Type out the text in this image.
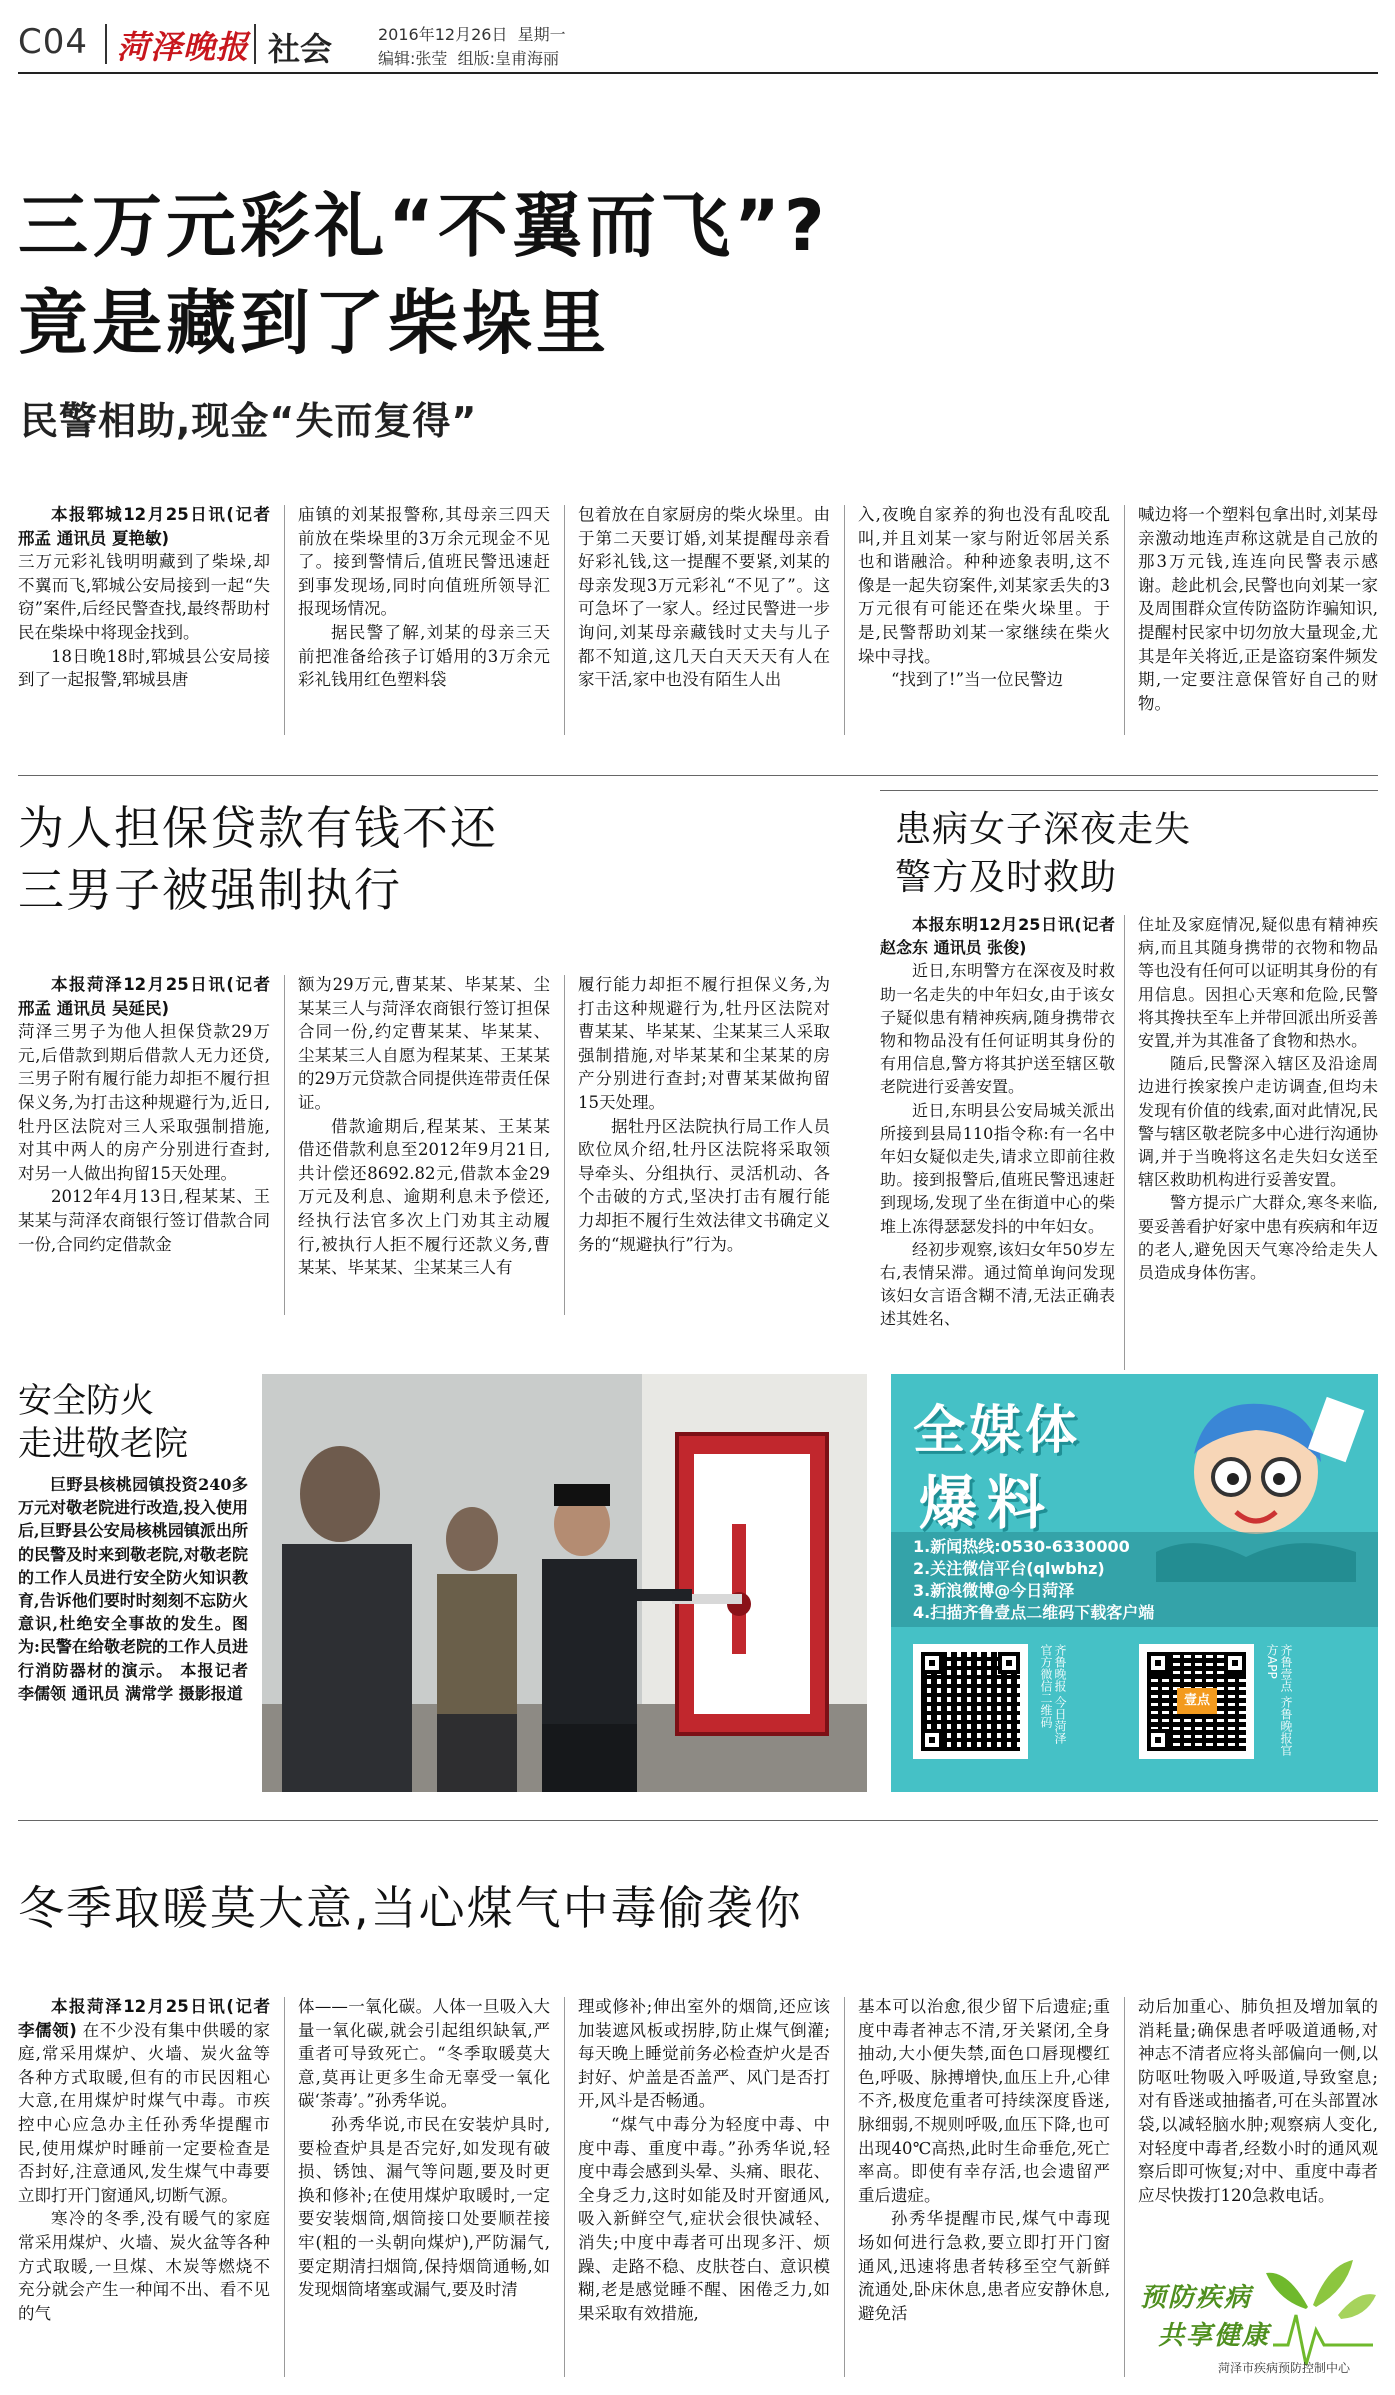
C04 菏泽晚报 社会	2016年12月26日 星期一
编辑:张莹 组版:皇甫海丽
三万元彩礼“不翼而飞”?
竟是藏到了柴垛里
民警相助,现金“失而复得”

本报郓城12月25日讯(记者 邢孟 通讯员 夏艳敏)

三万元彩礼钱明明藏到了柴垛,却不翼而飞,郓城公安局接到一起“失窃”案件,后经民警查找,最终帮助村民在柴垛中将现金找到。

18日晚18时,郓城县公安局接到了一起报警,郓城县唐

庙镇的刘某报警称,其母亲三四天前放在柴垛里的3万余元现金不见了。接到警情后,值班民警迅速赶到事发现场,同时向值班所领导汇报现场情况。

据民警了解,刘某的母亲三天前把准备给孩子订婚用的3万余元彩礼钱用红色塑料袋

包着放在自家厨房的柴火垛里。由于第二天要订婚,刘某提醒母亲看好彩礼钱,这一提醒不要紧,刘某的母亲发现3万元彩礼“不见了”。这可急坏了一家人。经过民警进一步询问,刘某母亲藏钱时丈夫与儿子都不知道,这几天白天天天有人在家干活,家中也没有陌生人出

入,夜晚自家养的狗也没有乱咬乱叫,并且刘某一家与附近邻居关系也和谐融洽。种种迹象表明,这不像是一起失窃案件,刘某家丢失的3万元很有可能还在柴火垛里。于是,民警帮助刘某一家继续在柴火垛中寻找。

“找到了!”当一位民警边

喊边将一个塑料包拿出时,刘某母亲激动地连声称这就是自己放的那3万元钱,连连向民警表示感谢。趁此机会,民警也向刘某一家及周围群众宣传防盗防诈骗知识,提醒村民家中切勿放大量现金,尤其是年关将近,正是盗窃案件频发期,一定要注意保管好自己的财物。

为人担保贷款有钱不还
三男子被强制执行

本报菏泽12月25日讯(记者 邢孟 通讯员 吴延民)

菏泽三男子为他人担保贷款29万元,后借款到期后借款人无力还贷,三男子附有履行能力却拒不履行担保义务,为打击这种规避行为,近日,牡丹区法院对三人采取强制措施,对其中两人的房产分别进行查封,对另一人做出拘留15天处理。

2012年4月13日,程某某、王某某与菏泽农商银行签订借款合同一份,合同约定借款金

额为29万元,曹某某、毕某某、尘某某三人与菏泽农商银行签订担保合同一份,约定曹某某、毕某某、尘某某三人自愿为程某某、王某某的29万元贷款合同提供连带责任保证。

借款逾期后,程某某、王某某借还借款利息至2012年9月21日,共计偿还8692.82元,借款本金29万元及利息、逾期利息未予偿还,经执行法官多次上门劝其主动履行,被执行人拒不履行还款义务,曹某某、毕某某、尘某某三人有

履行能力却拒不履行担保义务,为打击这种规避行为,牡丹区法院对曹某某、毕某某、尘某某三人采取强制措施,对毕某某和尘某某的房产分别进行查封;对曹某某做拘留15天处理。

据牡丹区法院执行局工作人员欧位凤介绍,牡丹区法院将采取领导牵头、分组执行、灵活机动、各个击破的方式,坚决打击有履行能力却拒不履行生效法律文书确定义务的“规避执行”行为。

患病女子深夜走失
警方及时救助

本报东明12月25日讯(记者 赵念东 通讯员 张俊)

近日,东明警方在深夜及时救助一名走失的中年妇女,由于该女子疑似患有精神疾病,随身携带衣物和物品没有任何证明其身份的有用信息,警方将其护送至辖区敬老院进行妥善安置。

近日,东明县公安局城关派出所接到县局110指令称:有一名中年妇女疑似走失,请求立即前往救助。接到报警后,值班民警迅速赶到现场,发现了坐在街道中心的柴堆上冻得瑟瑟发抖的中年妇女。

经初步观察,该妇女年50岁左右,表情呆滞。通过简单询问发现该妇女言语含糊不清,无法正确表述其姓名、

住址及家庭情况,疑似患有精神疾病,而且其随身携带的衣物和物品等也没有任何可以证明其身份的有用信息。因担心天寒和危险,民警将其搀扶至车上并带回派出所妥善安置,并为其准备了食物和热水。

随后,民警深入辖区及沿途周边进行挨家挨户走访调查,但均未发现有价值的线索,面对此情况,民警与辖区敬老院多中心进行沟通协调,并于当晚将这名走失妇女送至辖区救助机构进行妥善安置。

警方提示广大群众,寒冬来临,要妥善看护好家中患有疾病和年迈的老人,避免因天气寒冷给走失人员造成身体伤害。

安全防火
走进敬老院

巨野县核桃园镇投资240多万元对敬老院进行改造,投入使用后,巨野县公安局核桃园镇派出所的民警及时来到敬老院,对敬老院的工作人员进行安全防火知识教育,告诉他们要时时刻刻不忘防火意识,杜绝安全事故的发生。图为:民警在给敬老院的工作人员进行消防器材的演示。 本报记者 李儒领 通讯员 满常学 摄影报道

全媒体
爆料
1.新闻热线:0530-6330000
2.关注微信平台(qlwbhz)
3.新浪微博@今日菏泽
4.扫描齐鲁壹点二维码下载客户端
齐鲁晚报 今日菏泽 官方微信二维码	壹点	齐鲁壹点 齐鲁晚报官方APP
冬季取暖莫大意,当心煤气中毒偷袭你

本报菏泽12月25日讯(记者 李儒领) 在不少没有集中供暖的家庭,常采用煤炉、火墙、炭火盆等各种方式取暖,但有的市民因粗心大意,在用煤炉时煤气中毒。市疾控中心应急办主任孙秀华提醒市民,使用煤炉时睡前一定要检查是否封好,注意通风,发生煤气中毒要立即打开门窗通风,切断气源。

寒冷的冬季,没有暖气的家庭常采用煤炉、火墙、炭火盆等各种方式取暖,一旦煤、木炭等燃烧不充分就会产生一种闻不出、看不见的气

体——一氧化碳。人体一旦吸入大量一氧化碳,就会引起组织缺氧,严重者可导致死亡。“冬季取暖莫大意,莫再让更多生命无辜受一氧化碳‘荼毒’。”孙秀华说。

孙秀华说,市民在安装炉具时,要检查炉具是否完好,如发现有破损、锈蚀、漏气等问题,要及时更换和修补;在使用煤炉取暖时,一定要安装烟筒,烟筒接口处要顺茬接牢(粗的一头朝向煤炉),严防漏气,要定期清扫烟筒,保持烟筒通畅,如发现烟筒堵塞或漏气,要及时清

理或修补;伸出室外的烟筒,还应该加装遮风板或拐脖,防止煤气倒灌;每天晚上睡觉前务必检查炉火是否封好、炉盖是否盖严、风门是否打开,风斗是否畅通。

“煤气中毒分为轻度中毒、中度中毒、重度中毒。”孙秀华说,轻度中毒会感到头晕、头痛、眼花、全身乏力,这时如能及时开窗通风,吸入新鲜空气,症状会很快减轻、消失;中度中毒者可出现多汗、烦躁、走路不稳、皮肤苍白、意识模糊,老是感觉睡不醒、困倦乏力,如果采取有效措施,

基本可以治愈,很少留下后遗症;重度中毒者神志不清,牙关紧闭,全身抽动,大小便失禁,面色口唇现樱红色,呼吸、脉搏增快,血压上升,心律不齐,极度危重者可持续深度昏迷,脉细弱,不规则呼吸,血压下降,也可出现40℃高热,此时生命垂危,死亡率高。即使有幸存活,也会遗留严重后遗症。

孙秀华提醒市民,煤气中毒现场如何进行急救,要立即打开门窗通风,迅速将患者转移至空气新鲜流通处,卧床休息,患者应安静休息,避免活

动后加重心、肺负担及增加氧的消耗量;确保患者呼吸道通畅,对神志不清者应将头部偏向一侧,以防呕吐物吸入呼吸道,导致窒息;对有昏迷或抽搐者,可在头部置冰袋,以减轻脑水肿;观察病人变化,对轻度中毒者,经数小时的通风观察后即可恢复;对中、重度中毒者应尽快拨打120急救电话。

预防疾病
共享健康
菏泽市疾病预防控制中心
